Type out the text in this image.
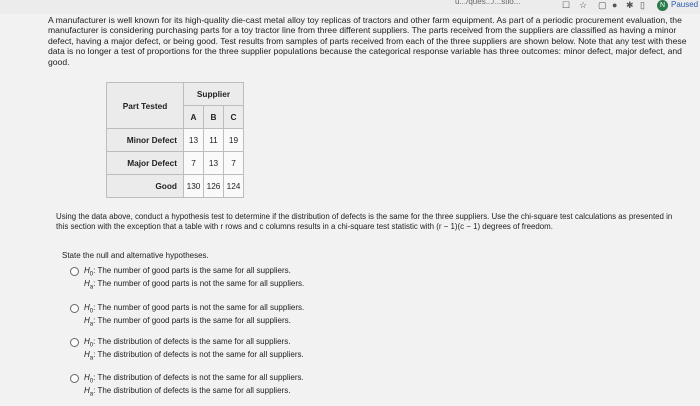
u.../ques.../...stio...	☐ ☆ ▢ ● ✱ ▯	N Paused
A manufacturer is well known for its high-quality die-cast metal alloy toy replicas of tractors and other farm equipment. As part of a periodic procurement evaluation, the manufacturer is considering purchasing parts for a toy tractor line from three different suppliers. The parts received from the suppliers are classified as having a minor defect, having a major defect, or being good. Test results from samples of parts received from each of the three suppliers are shown below. Note that any test with these data is no longer a test of proportions for the three supplier populations because the categorical response variable has three outcomes: minor defect, major defect, and good.
Part Tested	Supplier		
	A	B	C
Minor Defect	13	11	19
Major Defect	7	13	7
Good	130	126	124
Using the data above, conduct a hypothesis test to determine if the distribution of defects is the same for the three suppliers. Use the chi-square test calculations as presented in this section with the exception that a table with r rows and c columns results in a chi-square test statistic with (r − 1)(c − 1) degrees of freedom.
State the null and alternative hypotheses.
$H_0$: The number of good parts is the same for all suppliers.
$H_a$: The number of good parts is not the same for all suppliers.
$H_0$: The number of good parts is not the same for all suppliers.
$H_a$: The number of good parts is the same for all suppliers.
$H_0$: The distribution of defects is the same for all suppliers.
$H_a$: The distribution of defects is not the same for all suppliers.
$H_0$: The distribution of defects is not the same for all suppliers.
$H_a$: The distribution of defects is the same for all suppliers.
